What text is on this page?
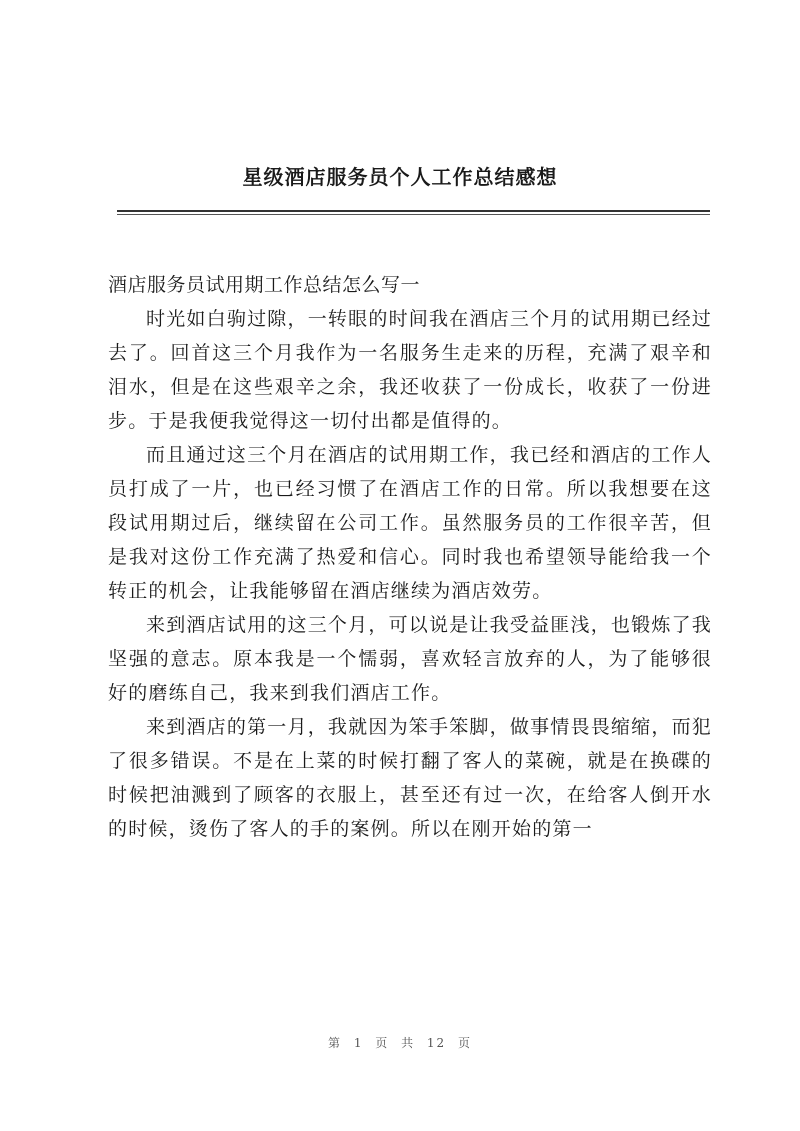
星级酒店服务员个人工作总结感想

酒店服务员试用期工作总结怎么写一

时光如白驹过隙，一转眼的时间我在酒店三个月的试用期已经过去了。回首这三个月我作为一名服务生走来的历程，充满了艰辛和泪水，但是在这些艰辛之余，我还收获了一份成长，收获了一份进步。于是我便我觉得这一切付出都是值得的。

而且通过这三个月在酒店的试用期工作，我已经和酒店的工作人员打成了一片，也已经习惯了在酒店工作的日常。所以我想要在这段试用期过后，继续留在公司工作。虽然服务员的工作很辛苦，但是我对这份工作充满了热爱和信心。同时我也希望领导能给我一个转正的机会，让我能够留在酒店继续为酒店效劳。

来到酒店试用的这三个月，可以说是让我受益匪浅，也锻炼了我坚强的意志。原本我是一个懦弱，喜欢轻言放弃的人，为了能够很好的磨练自己，我来到我们酒店工作。

来到酒店的第一月，我就因为笨手笨脚，做事情畏畏缩缩，而犯了很多错误。不是在上菜的时候打翻了客人的菜碗，就是在换碟的时候把油溅到了顾客的衣服上，甚至还有过一次，在给客人倒开水的时候，烫伤了客人的手的案例。所以在刚开始的第一

第 1 页 共 12 页
